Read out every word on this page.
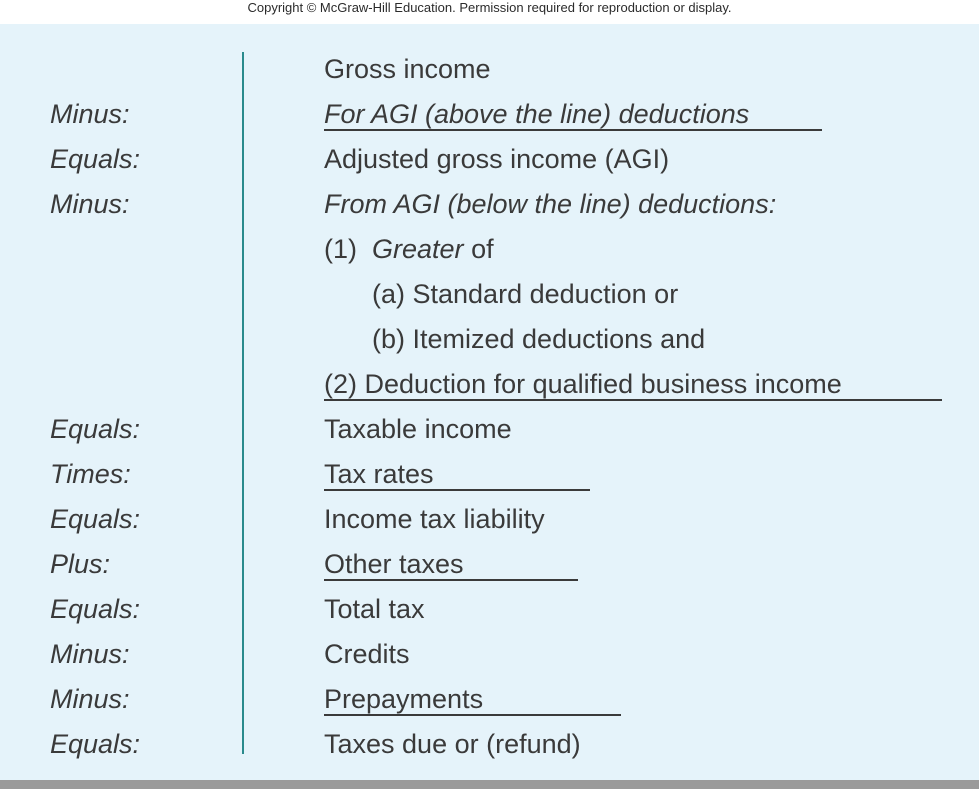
Copyright © McGraw-Hill Education. Permission required for reproduction or display.
Minus:
Equals:
Minus:
Equals:
Times:
Equals:
Plus:
Equals:
Minus:
Minus:
Equals:
Gross income
For AGI (above the line) deductions
Adjusted gross income (AGI)
From AGI (below the line) deductions:
(1) Greater of
(a) Standard deduction or
(b) Itemized deductions and
(2) Deduction for qualified business income
Taxable income
Tax rates
Income tax liability
Other taxes
Total tax
Credits
Prepayments
Taxes due or (refund)
